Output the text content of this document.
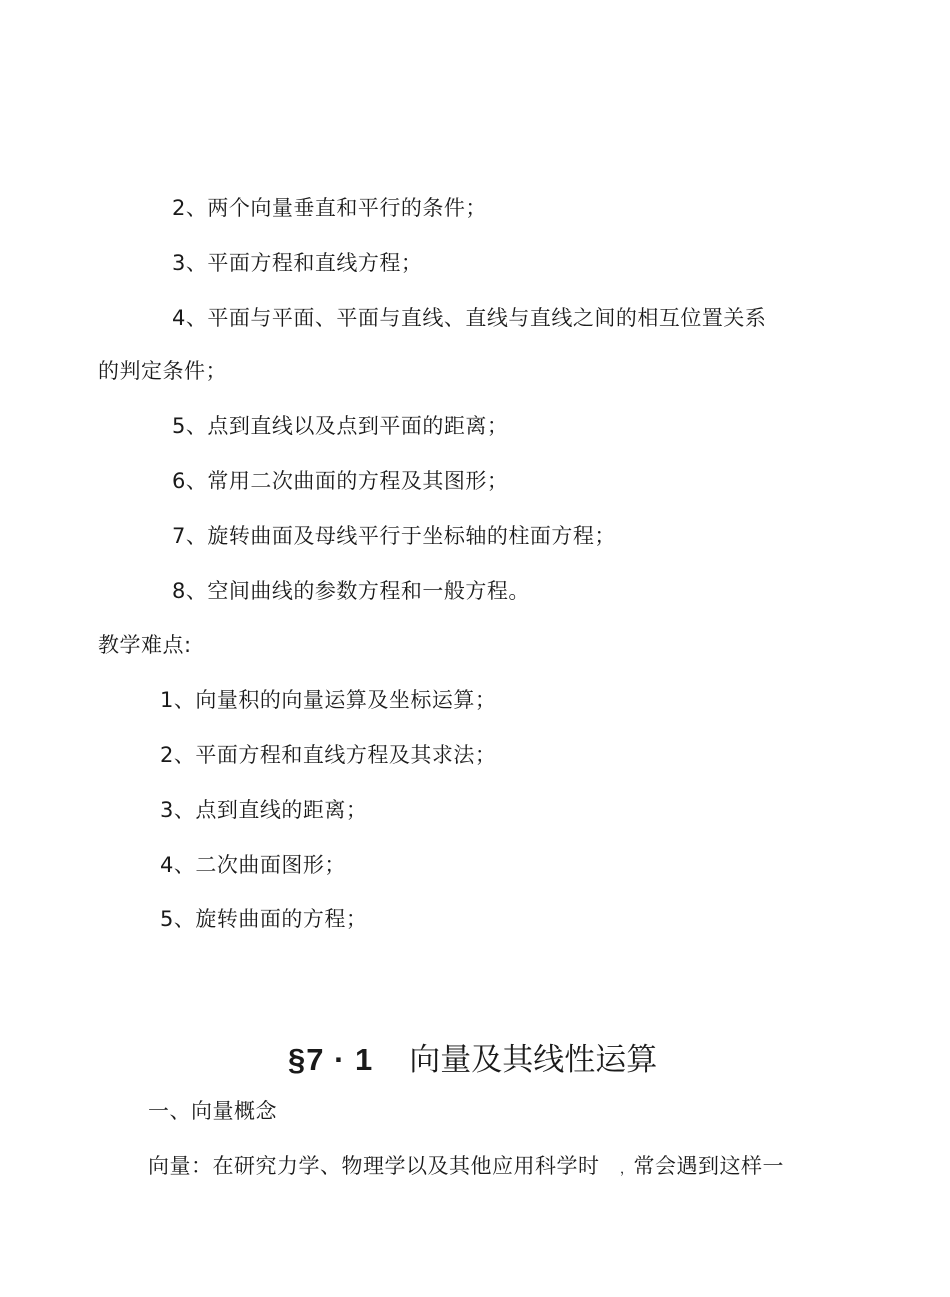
2、两个向量垂直和平行的条件；
3、平面方程和直线方程；
4、平面与平面、平面与直线、直线与直线之间的相互位置关系
的判定条件；
5、点到直线以及点到平面的距离；
6、常用二次曲面的方程及其图形；
7、旋转曲面及母线平行于坐标轴的柱面方程；
8、空间曲线的参数方程和一般方程。
教学难点:
1、向量积的向量运算及坐标运算；
2、平面方程和直线方程及其求法；
3、点到直线的距离；
4、二次曲面图形；
5、旋转曲面的方程；
§7 · 1 向量及其线性运算
一、向量概念
向量：在研究力学、物理学以及其他应用科学时 ，常会遇到这样一
